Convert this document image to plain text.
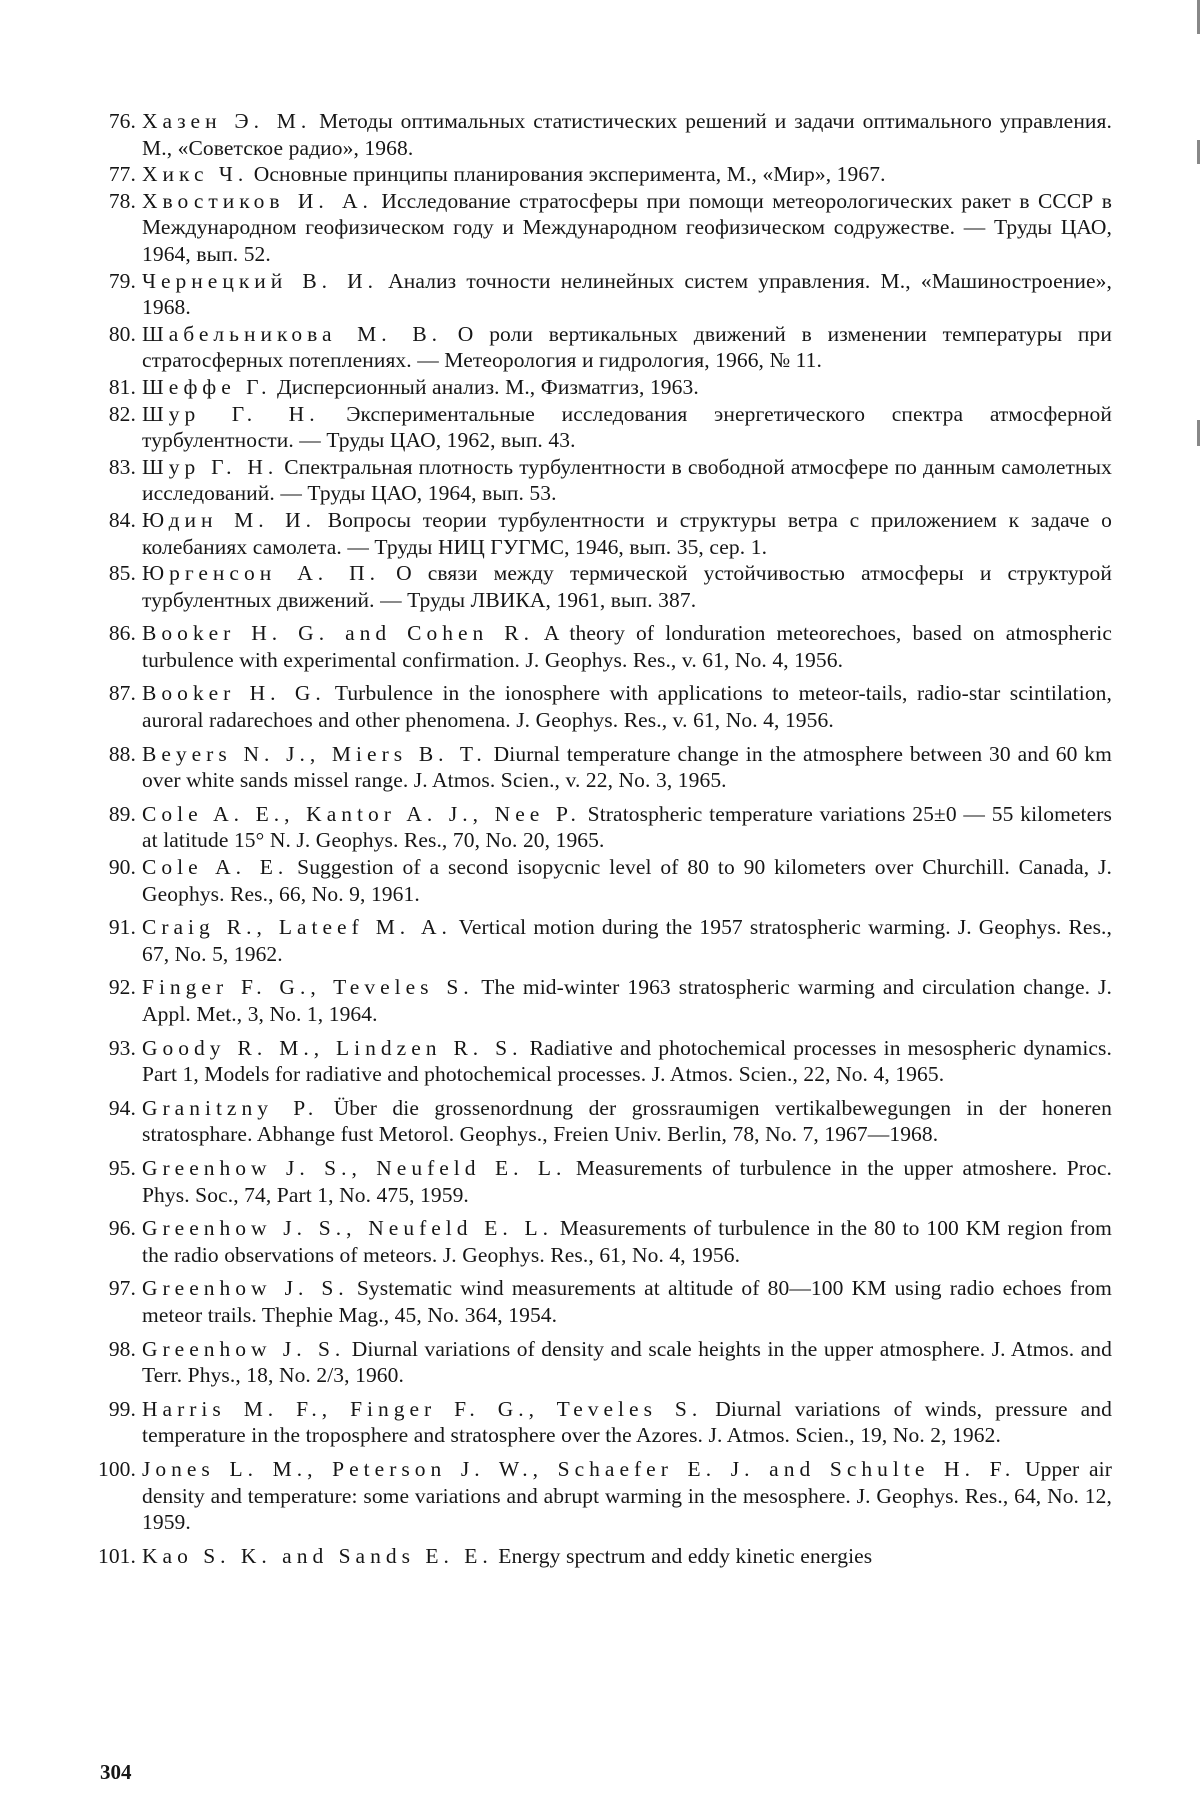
76. Хазен Э. М. Методы оптимальных статистических решений и задачи оптимального управления. М., «Советское радио», 1968.
77. Хикс Ч. Основные принципы планирования эксперимента, М., «Мир», 1967.
78. Хвостиков И. А. Исследование стратосферы при помощи метеорологических ракет в СССР в Международном геофизическом году и Международном геофизическом содружестве. — Труды ЦАО, 1964, вып. 52.
79. Чернецкий В. И. Анализ точности нелинейных систем управления. М., «Машиностроение», 1968.
80. Шабельникова М. В. О роли вертикальных движений в изменении температуры при стратосферных потеплениях. — Метеорология и гидрология, 1966, № 11.
81. Шеффе Г. Дисперсионный анализ. М., Физматгиз, 1963.
82. Шур Г. Н. Экспериментальные исследования энергетического спектра атмосферной турбулентности. — Труды ЦАО, 1962, вып. 43.
83. Шур Г. Н. Спектральная плотность турбулентности в свободной атмосфере по данным самолетных исследований. — Труды ЦАО, 1964, вып. 53.
84. Юдин М. И. Вопросы теории турбулентности и структуры ветра с приложением к задаче о колебаниях самолета. — Труды НИЦ ГУГМС, 1946, вып. 35, сер. 1.
85. Юргенсон А. П. О связи между термической устойчивостью атмосферы и структурой турбулентных движений. — Труды ЛВИКА, 1961, вып. 387.
86. Booker H. G. and Cohen R. A theory of londuration meteorechoes, based on atmospheric turbulence with experimental confirmation. J. Geophys. Res., v. 61, No. 4, 1956.
87. Booker H. G. Turbulence in the ionosphere with applications to meteor-tails, radio-star scintilation, auroral radarechoes and other phenomena. J. Geophys. Res., v. 61, No. 4, 1956.
88. Beyers N. J., Miers B. T. Diurnal temperature change in the atmosphere between 30 and 60 km over white sands missel range. J. Atmos. Scien., v. 22, No. 3, 1965.
89. Cole A. E., Kantor A. J., Nee P. Stratospheric temperature variations 25±0 — 55 kilometers at latitude 15° N. J. Geophys. Res., 70, No. 20, 1965.
90. Cole A. E. Suggestion of a second isopycnic level of 80 to 90 kilometers over Churchill. Canada, J. Geophys. Res., 66, No. 9, 1961.
91. Craig R., Lateef M. A. Vertical motion during the 1957 stratospheric warming. J. Geophys. Res., 67, No. 5, 1962.
92. Finger F. G., Teveles S. The mid-winter 1963 stratospheric warming and circulation change. J. Appl. Met., 3, No. 1, 1964.
93. Goody R. M., Lindzen R. S. Radiative and photochemical processes in mesospheric dynamics. Part 1, Models for radiative and photochemical processes. J. Atmos. Scien., 22, No. 4, 1965.
94. Granitzny P. Über die grossenordnung der grossraumigen vertikalbewegungen in der honeren stratosphare. Abhange fust Metorol. Geophys., Freien Univ. Berlin, 78, No. 7, 1967—1968.
95. Greenhow J. S., Neufeld E. L. Measurements of turbulence in the upper atmoshere. Proc. Phys. Soc., 74, Part 1, No. 475, 1959.
96. Greenhow J. S., Neufeld E. L. Measurements of turbulence in the 80 to 100 KM region from the radio observations of meteors. J. Geophys. Res., 61, No. 4, 1956.
97. Greenhow J. S. Systematic wind measurements at altitude of 80—100 KM using radio echoes from meteor trails. Thephie Mag., 45, No. 364, 1954.
98. Greenhow J. S. Diurnal variations of density and scale heights in the upper atmosphere. J. Atmos. and Terr. Phys., 18, No. 2/3, 1960.
99. Harris M. F., Finger F. G., Teveles S. Diurnal variations of winds, pressure and temperature in the troposphere and stratosphere over the Azores. J. Atmos. Scien., 19, No. 2, 1962.
100. Jones L. M., Peterson J. W., Schaefer E. J. and Schulte H. F. Upper air density and temperature: some variations and abrupt warming in the mesosphere. J. Geophys. Res., 64, No. 12, 1959.
101. Kao S. K. and Sands E. E. Energy spectrum and eddy kinetic energies
304
